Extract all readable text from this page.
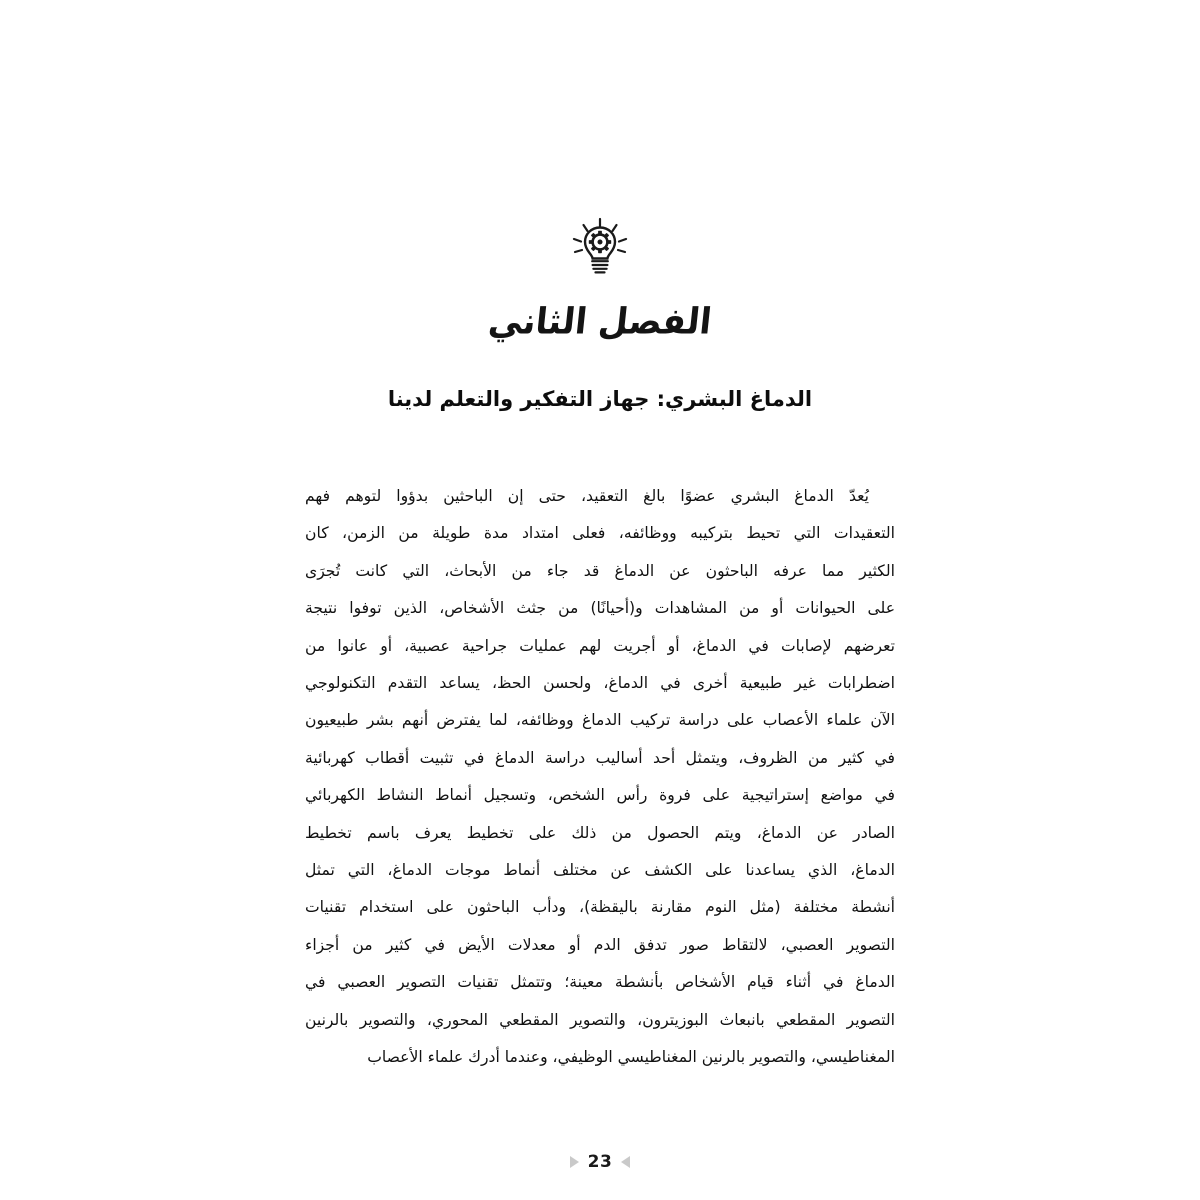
الفصل الثاني
الدماغ البشري: جهاز التفكير والتعلم لدينا
يُعدّ الدماغ البشري عضوًا بالغ التعقيد، حتى إن الباحثين بدؤوا لتوهم فهم
التعقيدات التي تحيط بتركيبه ووظائفه، فعلى امتداد مدة طويلة من الزمن، كان
الكثير مما عرفه الباحثون عن الدماغ قد جاء من الأبحاث، التي كانت تُجرَى
على الحيوانات أو من المشاهدات و(أحيانًا) من جثث الأشخاص، الذين توفوا نتيجة
تعرضهم لإصابات في الدماغ، أو أجريت لهم عمليات جراحية عصبية، أو عانوا من
اضطرابات غير طبيعية أخرى في الدماغ، ولحسن الحظ، يساعد التقدم التكنولوجي
الآن علماء الأعصاب على دراسة تركيب الدماغ ووظائفه، لما يفترض أنهم بشر طبيعيون
في كثير من الظروف، ويتمثل أحد أساليب دراسة الدماغ في تثبيت أقطاب كهربائية
في مواضع إستراتيجية على فروة رأس الشخص، وتسجيل أنماط النشاط الكهربائي
الصادر عن الدماغ، ويتم الحصول من ذلك على تخطيط يعرف باسم تخطيط
الدماغ، الذي يساعدنا على الكشف عن مختلف أنماط موجات الدماغ، التي تمثل
أنشطة مختلفة (مثل النوم مقارنة باليقظة)، ودأب الباحثون على استخدام تقنيات
التصوير العصبي، لالتقاط صور تدفق الدم أو معدلات الأيض في كثير من أجزاء
الدماغ في أثناء قيام الأشخاص بأنشطة معينة؛ وتتمثل تقنيات التصوير العصبي في
التصوير المقطعي بانبعاث البوزيترون، والتصوير المقطعي المحوري، والتصوير بالرنين
المغناطيسي، والتصوير بالرنين المغناطيسي الوظيفي، وعندما أدرك علماء الأعصاب
23
